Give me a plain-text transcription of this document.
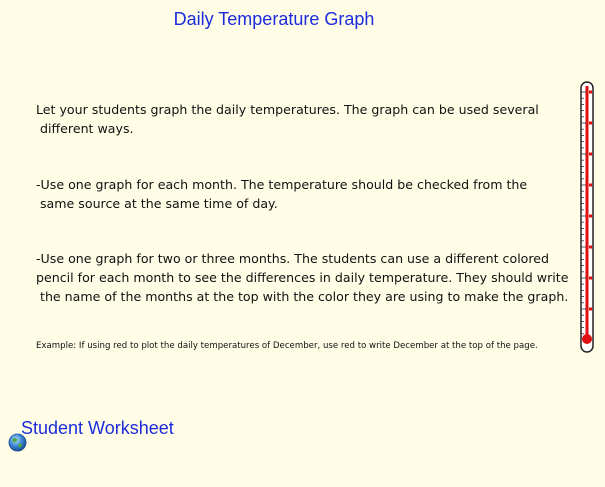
Daily Temperature Graph
Let your students graph the daily temperatures. The graph can be used several
different ways.
-Use one graph for each month. The temperature should be checked from the
same source at the same time of day.
-Use one graph for two or three months. The students can use a different colored
pencil for each month to see the differences in daily temperature. They should write
the name of the months at the top with the color they are using to make the graph.
Example: If using red to plot the daily temperatures of December, use red to write December at the top of the page.
Student Worksheet
